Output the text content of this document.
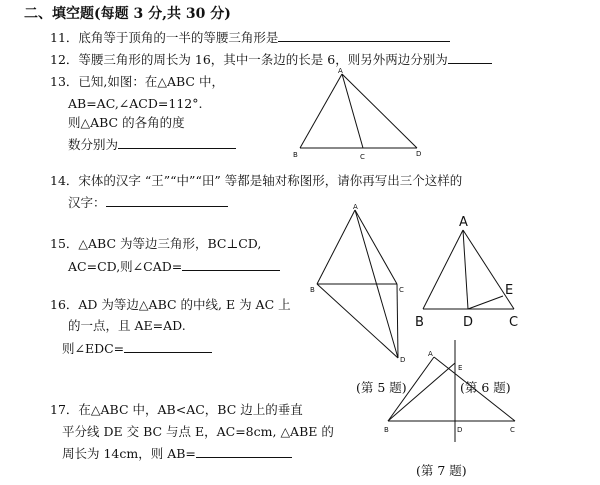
二、填空题(每题 3 分,共 30 分)
11．底角等于顶角的一半的等腰三角形是
12．等腰三角形的周长为 16，其中一条边的长是 6，则另外两边分别为
13．已知,如图：在△ABC 中，
AB=AC,∠ACD=112°.
则△ABC 的各角的度
数分别为
A
B	C	D
14．宋体的汉字 “王”“中”“田” 等都是轴对称图形，请你再写出三个这样的
汉字：
15．△ABC 为等边三角形，BC⊥CD,
AC=CD,则∠CAD=
A
B	C
D
16．AD 为等边△ABC 的中线, E 为 AC 上
的一点，且 AE=AD.
则∠EDC=
A
B	D	C
E
(第 5 题)	(第 6 题)
17．在△ABC 中，AB<AC，BC 边上的垂直
平分线 DE 交 BC 与点 E，AC=8cm, △ABE 的
周长为 14cm，则 AB=
A
E
B	D	C
(第 7 题)
